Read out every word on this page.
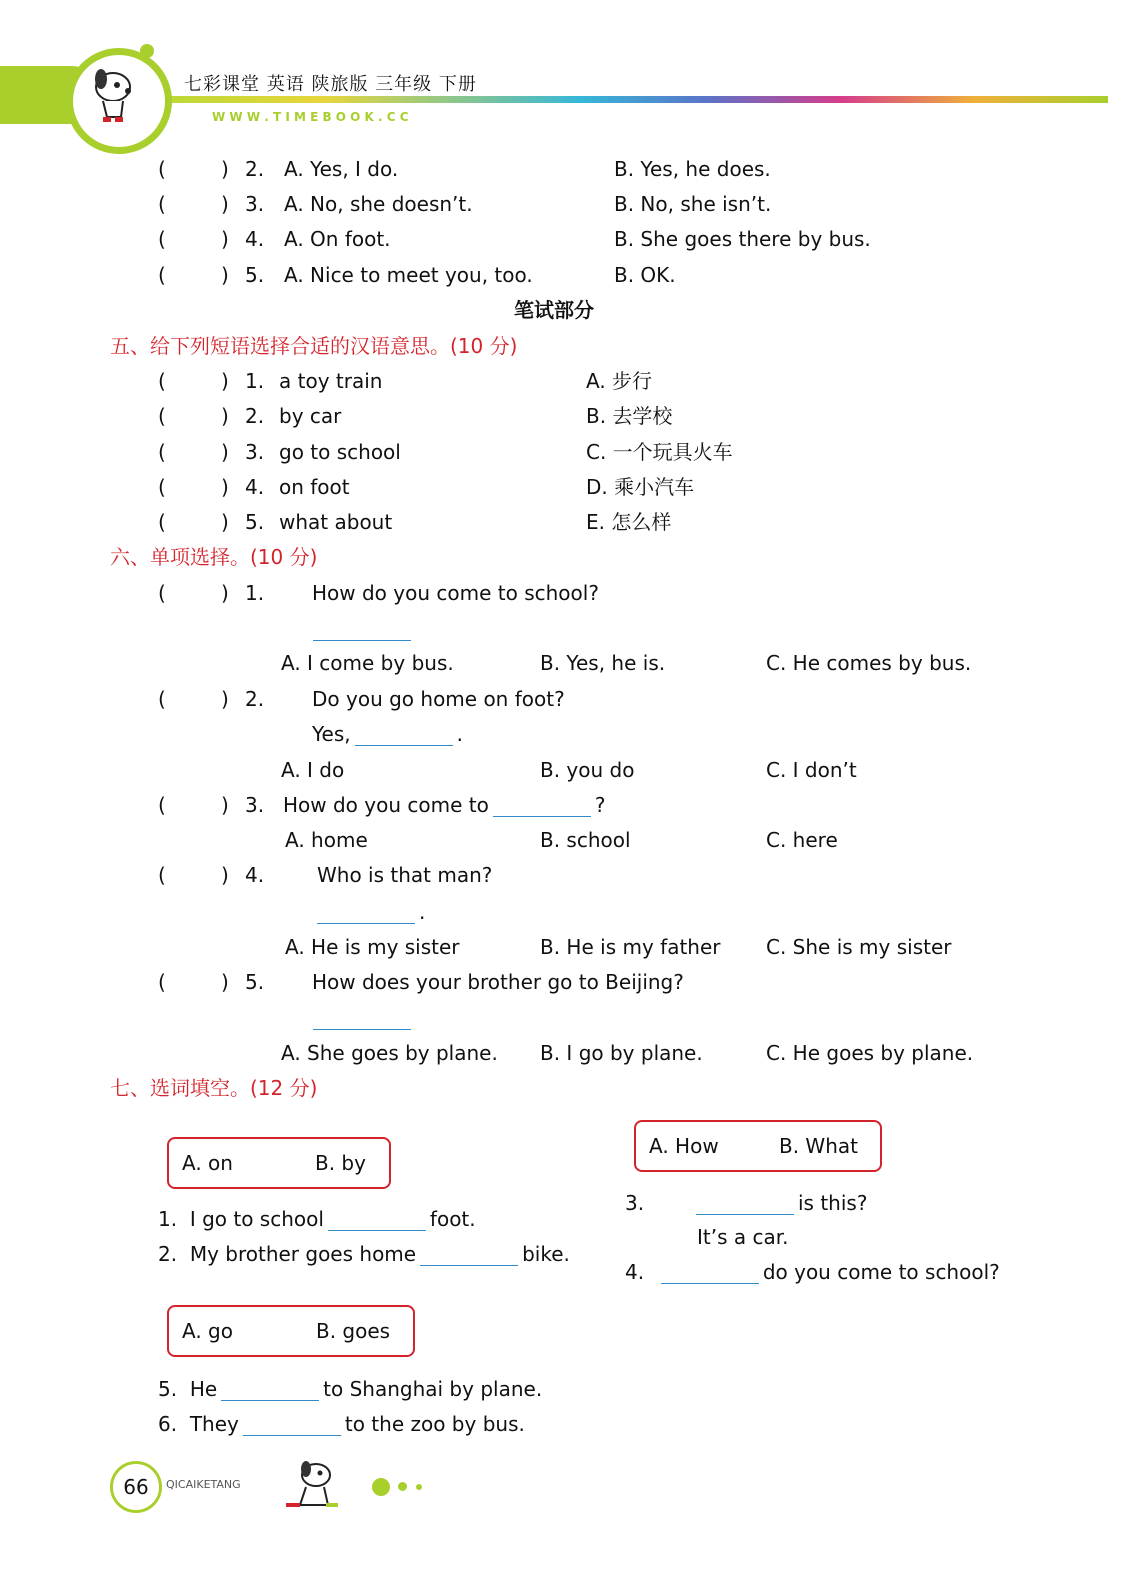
七彩课堂 英语 陕旅版 三年级 下册
W W W . T I M E B O O K . C C
(	) 2. A. Yes, I do.	B. Yes, he does.
(	) 3. A. No, she doesn’t.	B. No, she isn’t.
(	) 4. A. On foot.	B. She goes there by bus.
(	) 5. A. Nice to meet you, too.	B. OK.
笔试部分
五、给下列短语选择合适的汉语意思。(10 分)
(	) 1. a toy train	A. 步行
(	) 2. by car	B. 去学校
(	) 3. go to school	C. 一个玩具火车
(	) 4. on foot	D. 乘小汽车
(	) 5. what about	E. 怎么样
六、单项选择。(10 分)
(	) 1. How do you come to school?
A. I come by bus.	B. Yes, he is.	C. He comes by bus.
(	) 2. Do you go home on foot?
Yes,	.
A. I do	B. you do	C. I don’t
(	) 3. How do you come to	?
A. home	B. school	C. here
(	) 4.	Who is that man?
.
A. He is my sister	B. He is my father C. She is my sister
(	) 5. How does your brother go to Beijing?
A. She goes by plane. B. I go by plane.	C. He goes by plane.
七、选词填空。(12 分)
A. on	B. by
A. How	B. What
1. I go to school	foot.
2. My brother goes home	bike.
3.	is this?
It’s a car.
4.	do you come to school?
A. go	B. goes
5. He	to Shanghai by plane.
6. They	to the zoo by bus.
66	QICAIKETANG
